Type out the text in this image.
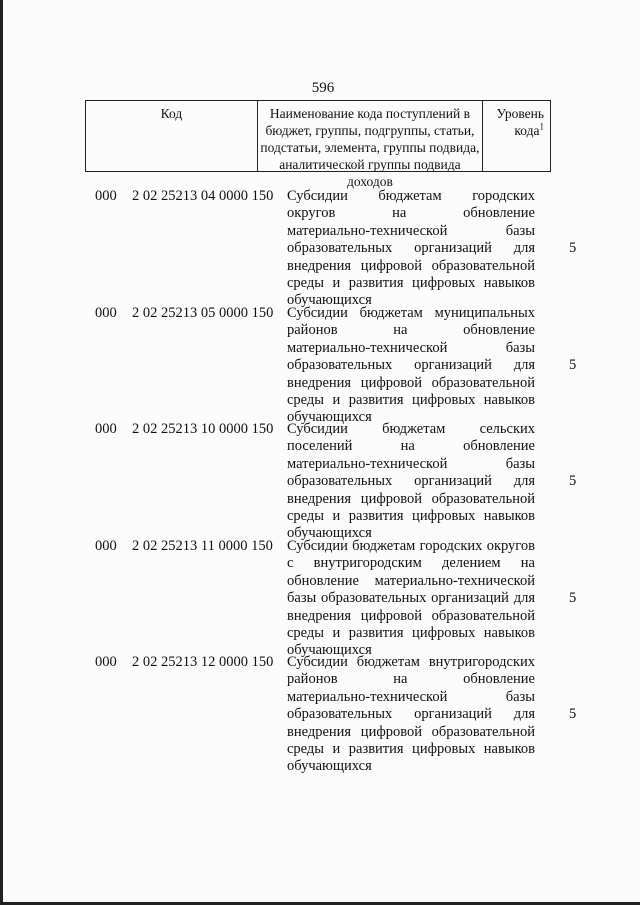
596
Код	Наименование кода поступлений в
бюджет, группы, подгруппы, статьи,
подстатьи, элемента, группы подвида,
аналитической группы подвида доходов
Уровень
кода$^1$
000 2 02 25213 04 0000 150 Субсидии бюджетам городских
округов на обновление
материально-технической базы
образовательных организаций для
внедрения цифровой образовательной
среды и развития цифровых навыков
обучающихся
5
000 2 02 25213 05 0000 150 Субсидии бюджетам муниципальных
районов на обновление
материально-технической базы
образовательных организаций для
внедрения цифровой образовательной
среды и развития цифровых навыков
обучающихся
5
000 2 02 25213 10 0000 150 Субсидии бюджетам сельских
поселений на обновление
материально-технической базы
образовательных организаций для
внедрения цифровой образовательной
среды и развития цифровых навыков
обучающихся
5
000 2 02 25213 11 0000 150 Субсидии бюджетам городских округов
с внутригородским делением на
обновление материально-технической
базы образовательных организаций для
внедрения цифровой образовательной
среды и развития цифровых навыков
обучающихся
5
000 2 02 25213 12 0000 150 Субсидии бюджетам внутригородских
районов на обновление
материально-технической базы
образовательных организаций для
внедрения цифровой образовательной
среды и развития цифровых навыков
обучающихся
5
